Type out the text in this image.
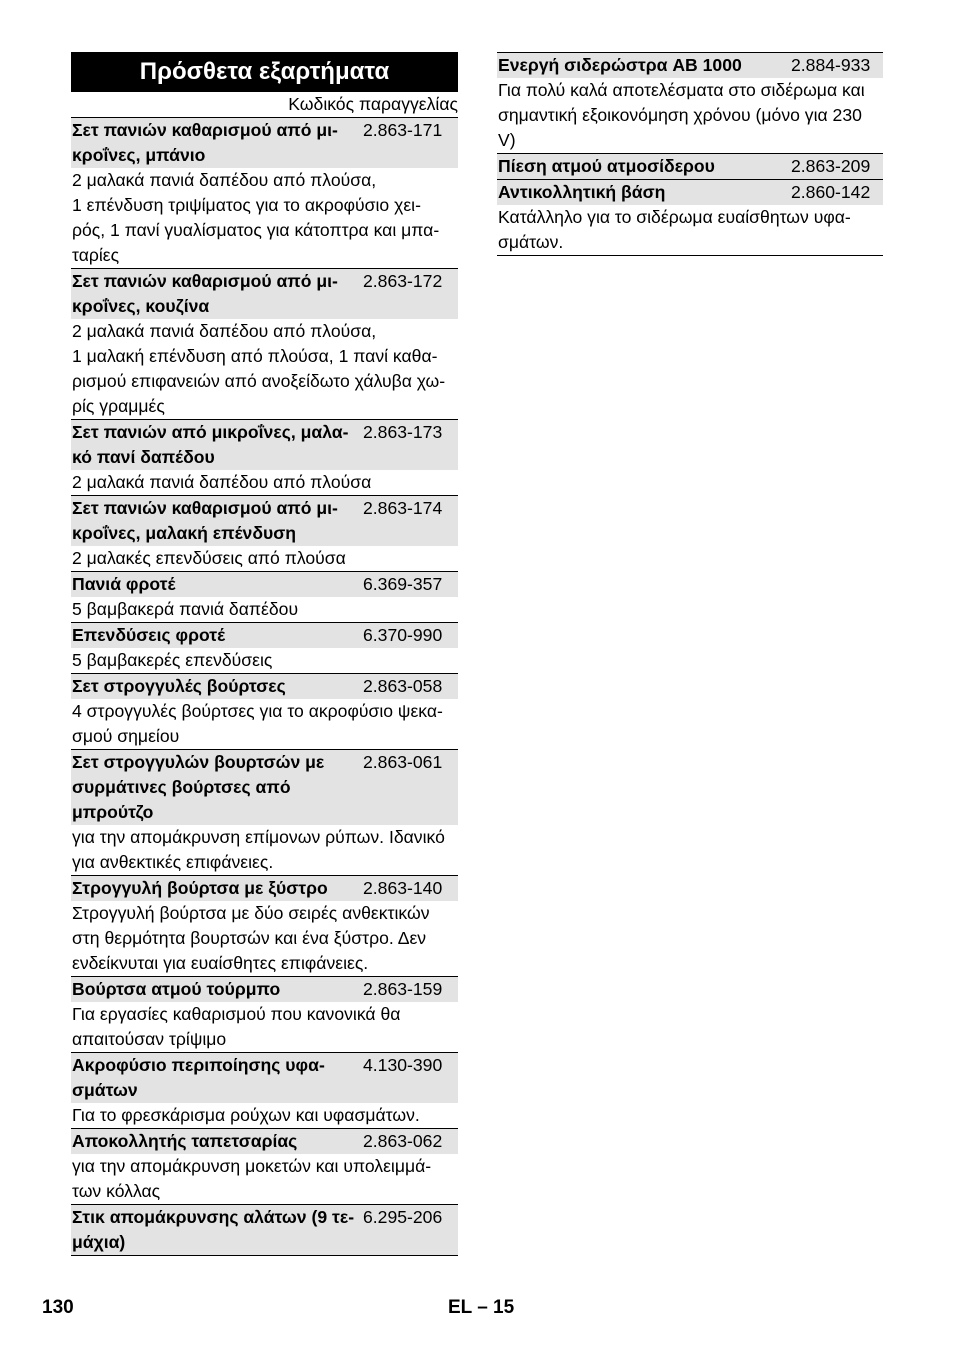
Πρόσθετα εξαρτήματα
Κωδικός παραγγελίας
Σετ πανιών καθαρισμού από μι-
κροΐνες, μπάνιο
2.863-171
2 μαλακά πανιά δαπέδου από πλούσα,
1 επένδυση τριψίματος για το ακροφύσιο χει-
ρός, 1 πανί γυαλίσματος για κάτοπτρα και μπα-
ταρίες
Σετ πανιών καθαρισμού από μι-
κροΐνες, κουζίνα
2.863-172
2 μαλακά πανιά δαπέδου από πλούσα,
1 μαλακή επένδυση από πλούσα, 1 πανί καθα-
ρισμού επιφανειών από ανοξείδωτο χάλυβα χω-
ρίς γραμμές
Σετ πανιών από μικροΐνες, μαλα-
κό πανί δαπέδου
2.863-173
2 μαλακά πανιά δαπέδου από πλούσα
Σετ πανιών καθαρισμού από μι-
κροΐνες, μαλακή επένδυση
2.863-174
2 μαλακές επενδύσεις από πλούσα
Πανιά φροτέ	6.369-357
5 βαμβακερά πανιά δαπέδου
Επενδύσεις φροτέ	6.370-990
5 βαμβακερές επενδύσεις
Σετ στρογγυλές βούρτσες	2.863-058
4 στρογγυλές βούρτσες για το ακροφύσιο ψεκα-
σμού σημείου
Σετ στρογγυλών βουρτσών με
συρμάτινες βούρτσες από
μπρούτζο
2.863-061
για την απομάκρυνση επίμονων ρύπων. Ιδανικό
για ανθεκτικές επιφάνειες.
Στρογγυλή βούρτσα με ξύστρο	2.863-140
Στρογγυλή βούρτσα με δύο σειρές ανθεκτικών
στη θερμότητα βουρτσών και ένα ξύστρο. Δεν
ενδείκνυται για ευαίσθητες επιφάνειες.
Βούρτσα ατμού τούρμπο	2.863-159
Για εργασίες καθαρισμού που κανονικά θα
απαιτούσαν τρίψιμο
Ακροφύσιο περιποίησης υφα-
σμάτων
4.130-390
Για το φρεσκάρισμα ρούχων και υφασμάτων.
Αποκολλητής ταπετσαρίας	2.863-062
για την απομάκρυνση μοκετών και υπολειμμά-
των κόλλας
Στικ απομάκρυνσης αλάτων (9 τε-
μάχια)
6.295-206
Ενεργή σιδερώστρα AB 1000	2.884-933
Για πολύ καλά αποτελέσματα στο σιδέρωμα και
σημαντική εξοικονόμηση χρόνου (μόνο για 230
V)
Πίεση ατμού ατμοσίδερου	2.863-209
Αντικολλητική βάση	2.860-142
Κατάλληλο για το σιδέρωμα ευαίσθητων υφα-
σμάτων.
130	EL – 15
